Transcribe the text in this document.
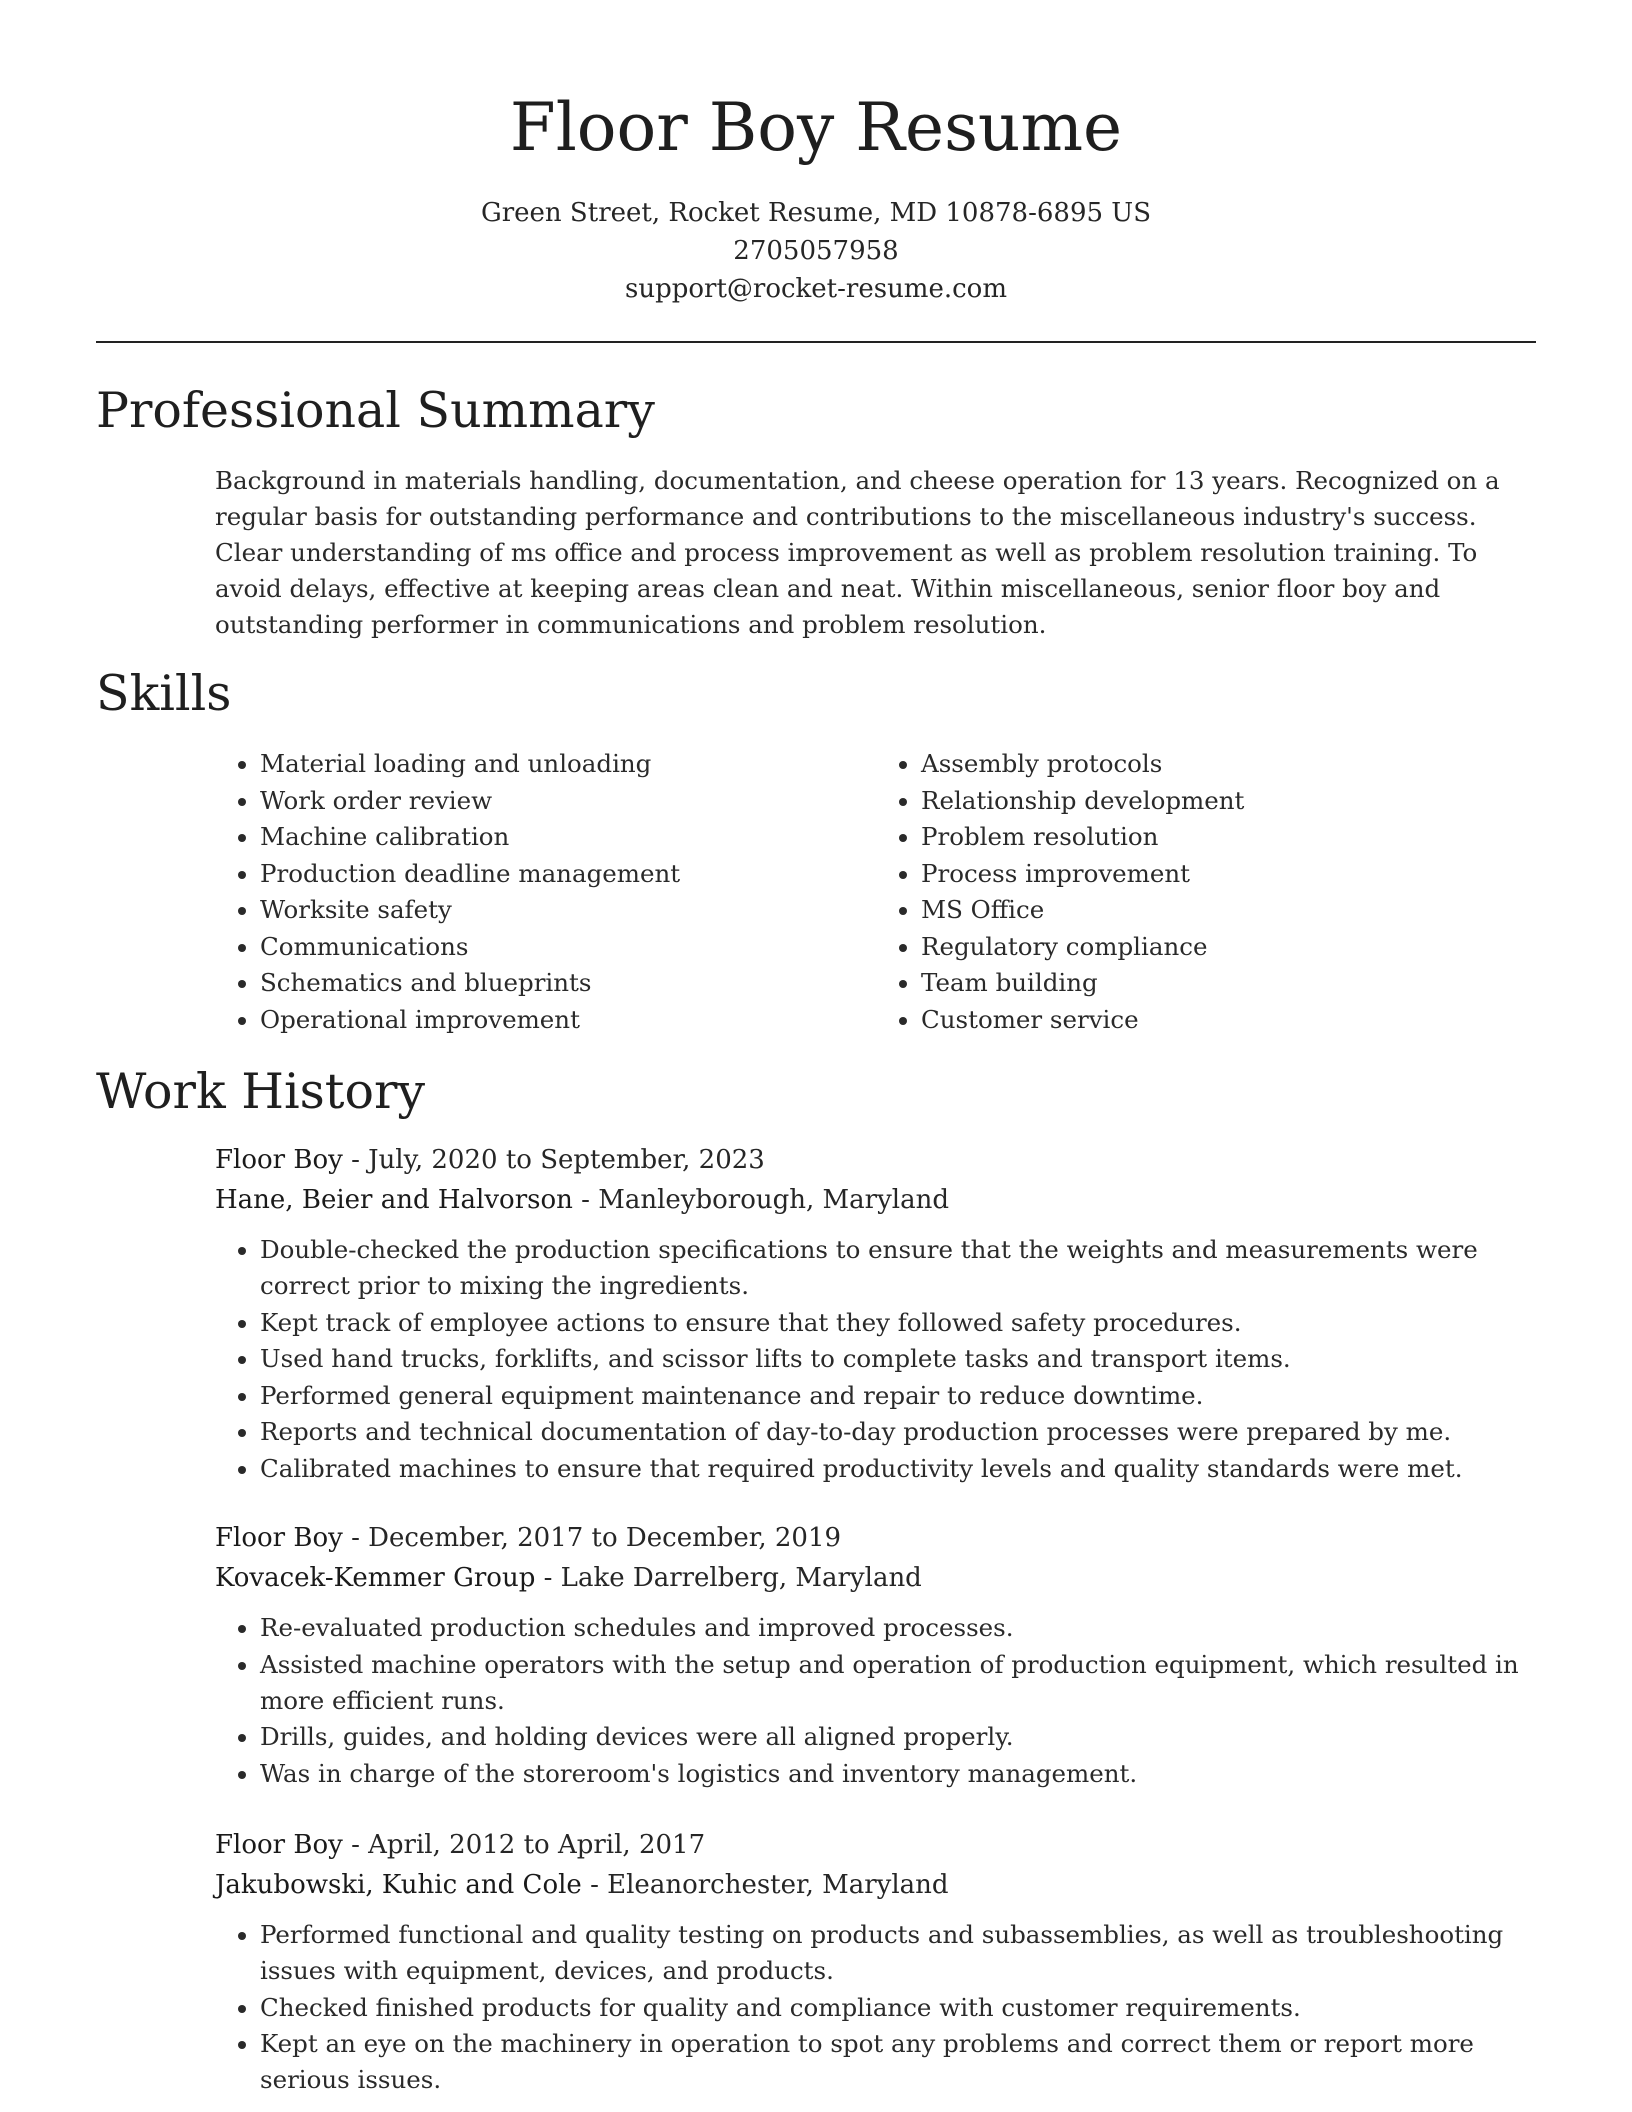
Floor Boy Resume
Green Street, Rocket Resume, MD 10878-6895 US
2705057958
support@rocket-resume.com
Professional Summary

Background in materials handling, documentation, and cheese operation for 13 years. Recognized on a regular basis for outstanding performance and contributions to the miscellaneous industry's success. Clear understanding of ms office and process improvement as well as problem resolution training. To avoid delays, effective at keeping areas clean and neat. Within miscellaneous, senior floor boy and outstanding performer in communications and problem resolution.

Skills
• Material loading and unloading
• Work order review
• Machine calibration
• Production deadline management
• Worksite safety
• Communications
• Schematics and blueprints
• Operational improvement
• Assembly protocols
• Relationship development
• Problem resolution
• Process improvement
• MS Office
• Regulatory compliance
• Team building
• Customer service
Work History
Floor Boy - July, 2020 to September, 2023
Hane, Beier and Halvorson - Manleyborough, Maryland
• Double-checked the production specifications to ensure that the weights and measurements were correct prior to mixing the ingredients.
• Kept track of employee actions to ensure that they followed safety procedures.
• Used hand trucks, forklifts, and scissor lifts to complete tasks and transport items.
• Performed general equipment maintenance and repair to reduce downtime.
• Reports and technical documentation of day-to-day production processes were prepared by me.
• Calibrated machines to ensure that required productivity levels and quality standards were met.
Floor Boy - December, 2017 to December, 2019
Kovacek-Kemmer Group - Lake Darrelberg, Maryland
• Re-evaluated production schedules and improved processes.
• Assisted machine operators with the setup and operation of production equipment, which resulted in more efficient runs.
• Drills, guides, and holding devices were all aligned properly.
• Was in charge of the storeroom's logistics and inventory management.
Floor Boy - April, 2012 to April, 2017
Jakubowski, Kuhic and Cole - Eleanorchester, Maryland
• Performed functional and quality testing on products and subassemblies, as well as troubleshooting issues with equipment, devices, and products.
• Checked finished products for quality and compliance with customer requirements.
• Kept an eye on the machinery in operation to spot any problems and correct them or report more serious issues.
